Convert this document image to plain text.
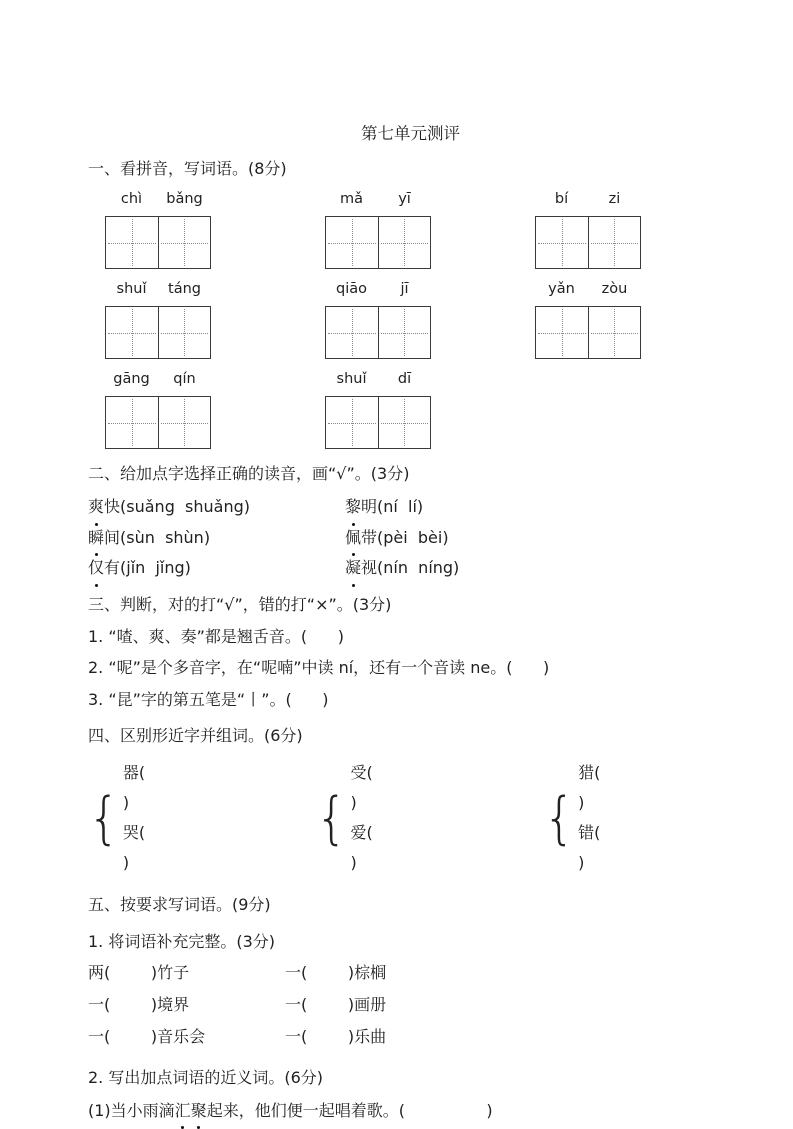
第七单元测评
一、看拼音，写词语。(8分)
chì	bǎng	mǎ	yī	bí	zi
shuǐ	táng	qiāo	jī	yǎn	zòu
gāng	qín	shuǐ	dī
二、给加点字选择正确的读音，画“√”。(3分)
爽快(suǎng  shuǎng)	黎明(ní  lí)
瞬间(sùn  shùn)	佩带(pèi  bèi)
仅有(jǐn  jǐng)	凝视(nín  níng)
三、判断，对的打“√”，错的打“×”。(3分)
1. “喳、爽、奏”都是翘舌音。(      )
2. “呢”是个多音字，在“呢喃”中读 ní，还有一个音读 ne。(      )
3. “昆”字的第五笔是“丨”。(      )
四、区别形近字并组词。(6分)
{
器(                          )
哭(                          )
{
受(                          )
爱(                          )
{
猎(                          )
错(                          )
五、按要求写词语。(9分)
1. 将词语补充完整。(3分)
两(        )竹子	一(        )棕榈
一(        )境界	一(        )画册
一(        )音乐会	一(        )乐曲
2. 写出加点词语的近义词。(6分)
(1)当小雨滴汇聚起来，他们便一起唱着歌。(                )
